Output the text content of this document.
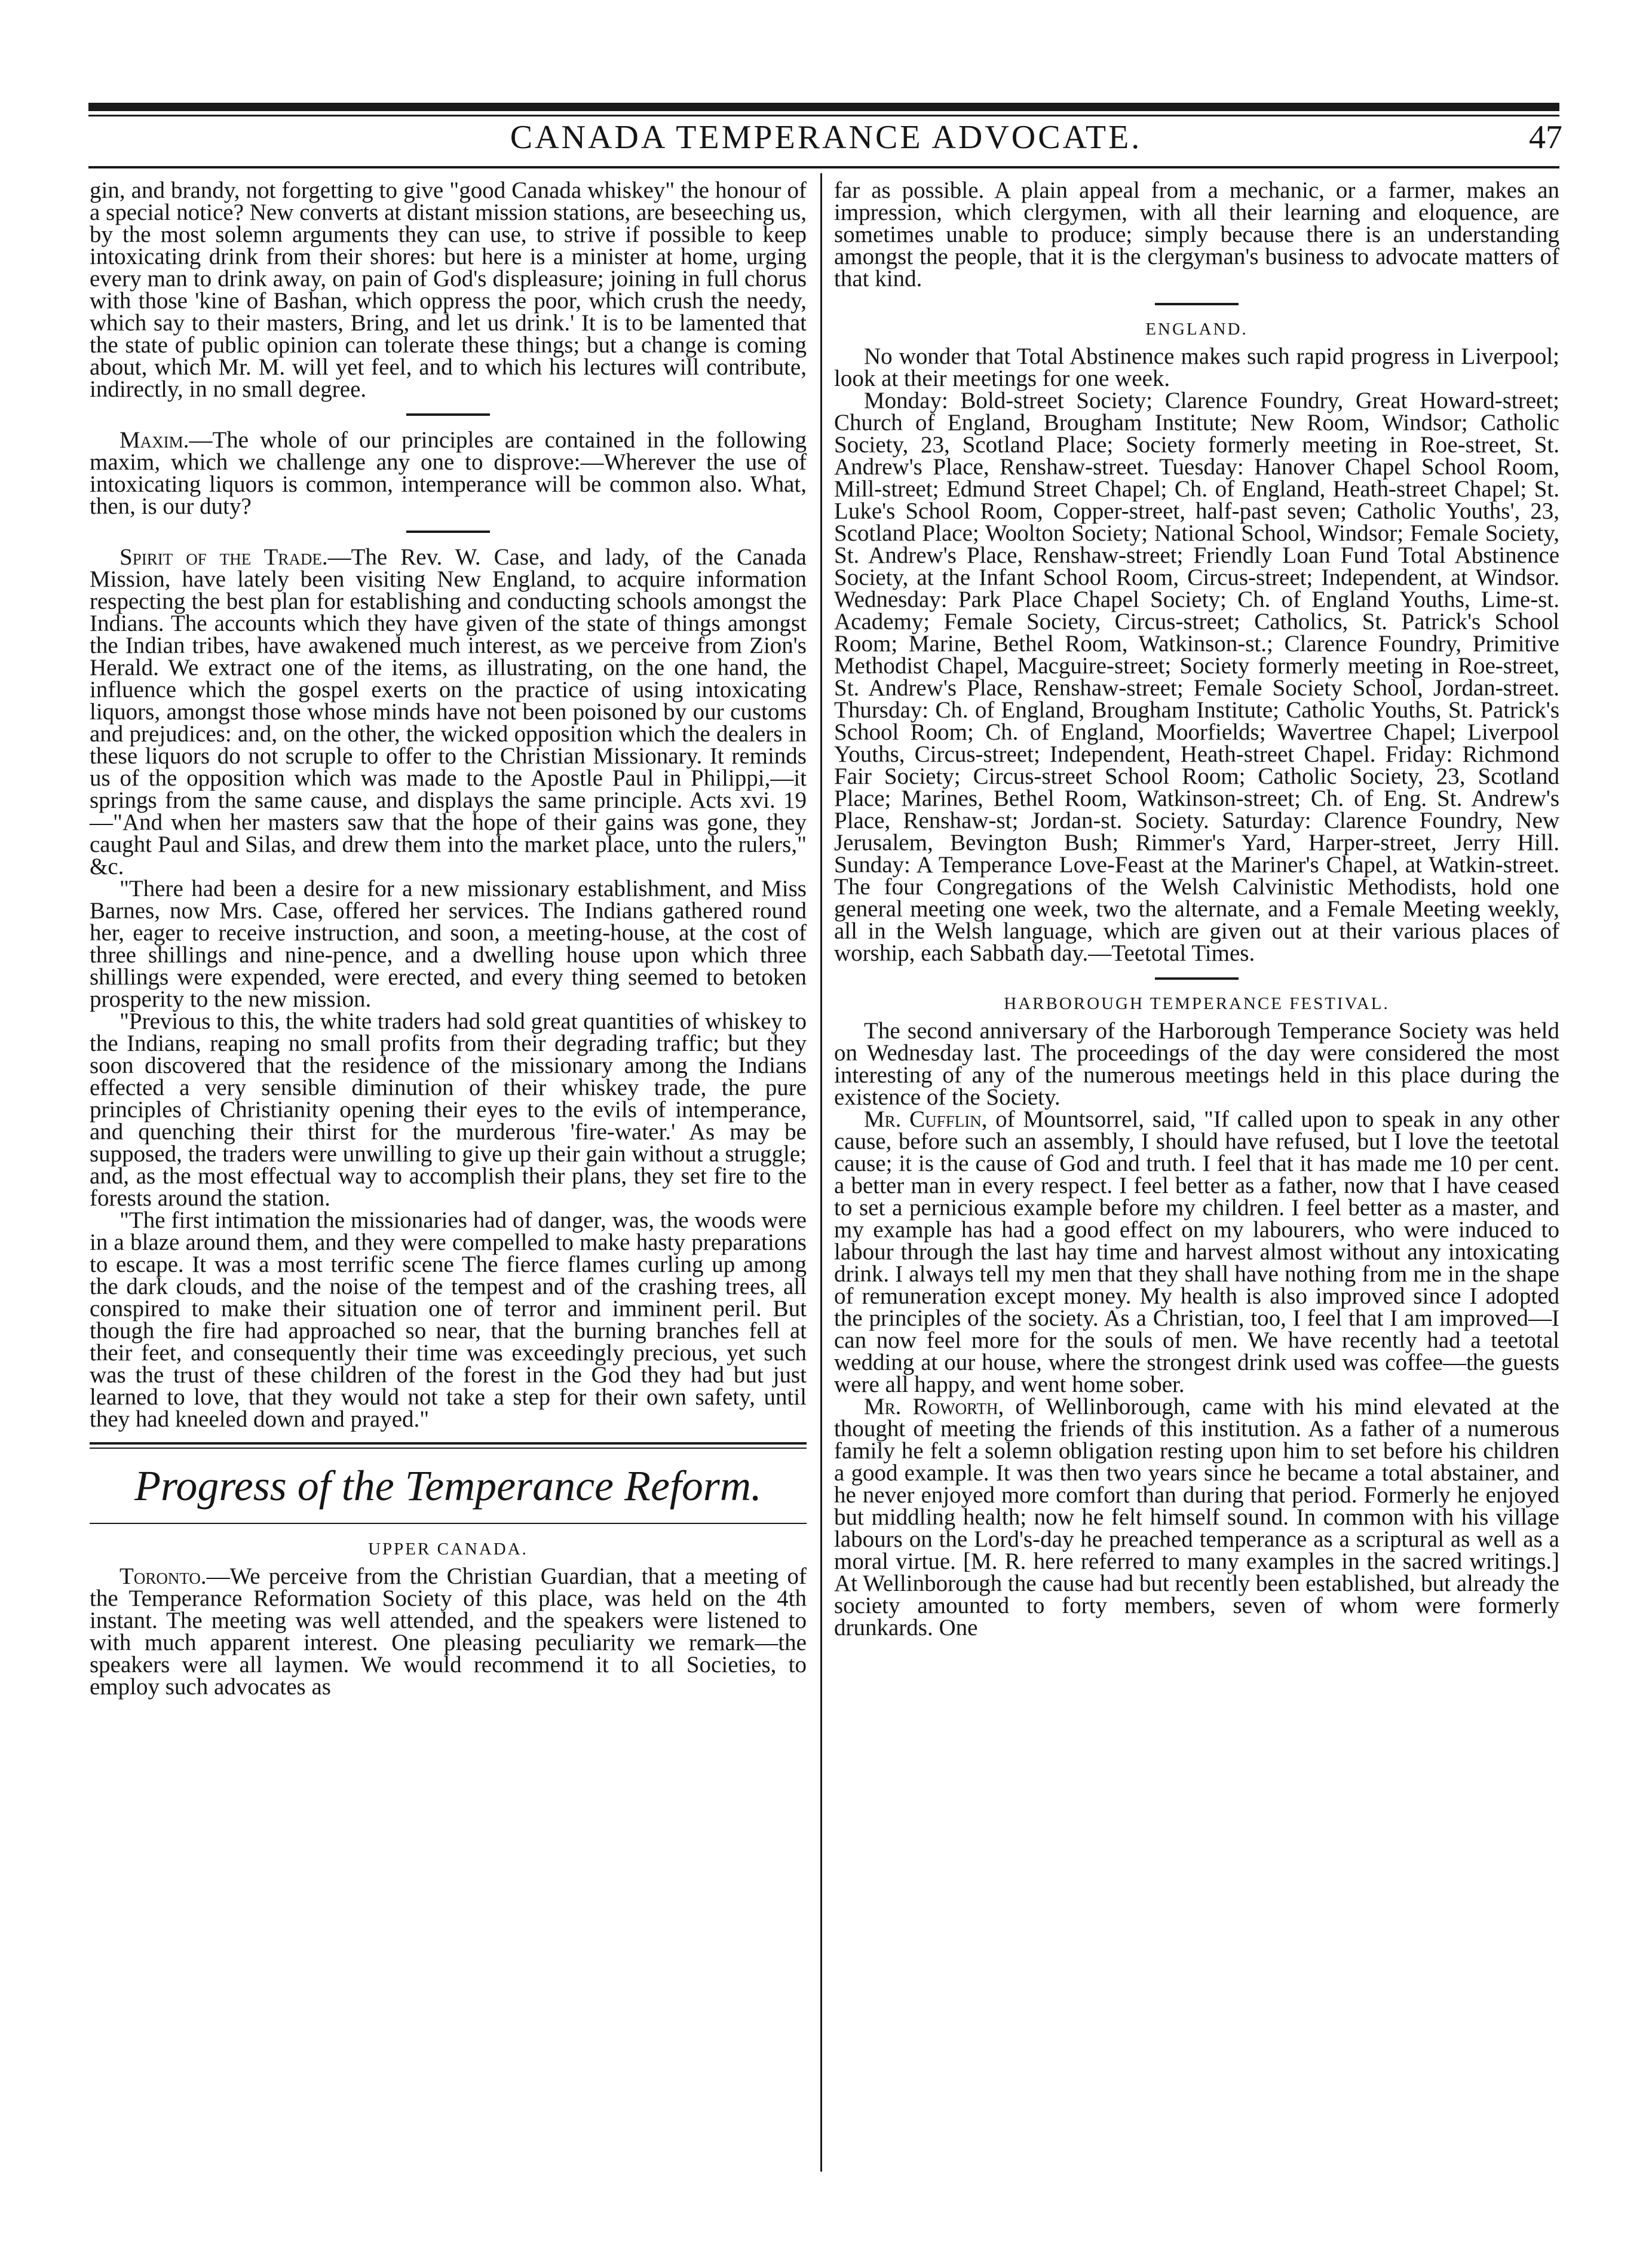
CANADA TEMPERANCE ADVOCATE.	47

gin, and brandy, not forgetting to give "good Canada whiskey" the honour of a special notice? New converts at distant mission stations, are beseeching us, by the most solemn arguments they can use, to strive if possible to keep intoxicating drink from their shores: but here is a minister at home, urging every man to drink away, on pain of God's displeasure; joining in full chorus with those 'kine of Bashan, which oppress the poor, which crush the needy, which say to their masters, Bring, and let us drink.' It is to be lamented that the state of public opinion can tolerate these things; but a change is coming about, which Mr. M. will yet feel, and to which his lectures will contribute, indirectly, in no small degree.

Maxim.—The whole of our principles are contained in the following maxim, which we challenge any one to disprove:—Wherever the use of intoxicating liquors is common, intemperance will be common also. What, then, is our duty?

Spirit of the Trade.—The Rev. W. Case, and lady, of the Canada Mission, have lately been visiting New England, to acquire information respecting the best plan for establishing and conducting schools amongst the Indians. The accounts which they have given of the state of things amongst the Indian tribes, have awakened much interest, as we perceive from Zion's Herald. We extract one of the items, as illustrating, on the one hand, the influence which the gospel exerts on the practice of using intoxicating liquors, amongst those whose minds have not been poisoned by our customs and prejudices: and, on the other, the wicked opposition which the dealers in these liquors do not scruple to offer to the Christian Missionary. It reminds us of the opposition which was made to the Apostle Paul in Philippi,—it springs from the same cause, and displays the same principle. Acts xvi. 19—"And when her masters saw that the hope of their gains was gone, they caught Paul and Silas, and drew them into the market place, unto the rulers," &c.

"There had been a desire for a new missionary establishment, and Miss Barnes, now Mrs. Case, offered her services. The Indians gathered round her, eager to receive instruction, and soon, a meeting-house, at the cost of three shillings and nine-pence, and a dwelling house upon which three shillings were expended, were erected, and every thing seemed to betoken prosperity to the new mission.

"Previous to this, the white traders had sold great quantities of whiskey to the Indians, reaping no small profits from their degrading traffic; but they soon discovered that the residence of the missionary among the Indians effected a very sensible diminution of their whiskey trade, the pure principles of Christianity opening their eyes to the evils of intemperance, and quenching their thirst for the murderous 'fire-water.' As may be supposed, the traders were unwilling to give up their gain without a struggle; and, as the most effectual way to accomplish their plans, they set fire to the forests around the station.

"The first intimation the missionaries had of danger, was, the woods were in a blaze around them, and they were compelled to make hasty preparations to escape. It was a most terrific scene The fierce flames curling up among the dark clouds, and the noise of the tempest and of the crashing trees, all conspired to make their situation one of terror and imminent peril. But though the fire had approached so near, that the burning branches fell at their feet, and consequently their time was exceedingly precious, yet such was the trust of these children of the forest in the God they had but just learned to love, that they would not take a step for their own safety, until they had kneeled down and prayed."

Progress of the Temperance Reform.
UPPER CANADA.

Toronto.—We perceive from the Christian Guardian, that a meeting of the Temperance Reformation Society of this place, was held on the 4th instant. The meeting was well attended, and the speakers were listened to with much apparent interest. One pleasing peculiarity we remark—the speakers were all laymen. We would recommend it to all Societies, to employ such advocates as

far as possible. A plain appeal from a mechanic, or a farmer, makes an impression, which clergymen, with all their learning and eloquence, are sometimes unable to produce; simply because there is an understanding amongst the people, that it is the clergyman's business to advocate matters of that kind.

ENGLAND.

No wonder that Total Abstinence makes such rapid progress in Liverpool; look at their meetings for one week.

Monday: Bold-street Society; Clarence Foundry, Great Howard-street; Church of England, Brougham Institute; New Room, Windsor; Catholic Society, 23, Scotland Place; Society formerly meeting in Roe-street, St. Andrew's Place, Renshaw-street. Tuesday: Hanover Chapel School Room, Mill-street; Edmund Street Chapel; Ch. of England, Heath-street Chapel; St. Luke's School Room, Copper-street, half-past seven; Catholic Youths', 23, Scotland Place; Woolton Society; National School, Windsor; Female Society, St. Andrew's Place, Renshaw-street; Friendly Loan Fund Total Abstinence Society, at the Infant School Room, Circus-street; Independent, at Windsor. Wednesday: Park Place Chapel Society; Ch. of England Youths, Lime-st. Academy; Female Society, Circus-street; Catholics, St. Patrick's School Room; Marine, Bethel Room, Watkinson-st.; Clarence Foundry, Primitive Methodist Chapel, Macguire-street; Society formerly meeting in Roe-street, St. Andrew's Place, Renshaw-street; Female Society School, Jordan-street. Thursday: Ch. of England, Brougham Institute; Catholic Youths, St. Patrick's School Room; Ch. of England, Moorfields; Wavertree Chapel; Liverpool Youths, Circus-street; Independent, Heath-street Chapel. Friday: Richmond Fair Society; Circus-street School Room; Catholic Society, 23, Scotland Place; Marines, Bethel Room, Watkinson-street; Ch. of Eng. St. Andrew's Place, Renshaw-st; Jordan-st. Society. Saturday: Clarence Foundry, New Jerusalem, Bevington Bush; Rimmer's Yard, Harper-street, Jerry Hill. Sunday: A Temperance Love-Feast at the Mariner's Chapel, at Watkin-street. The four Congregations of the Welsh Calvinistic Methodists, hold one general meeting one week, two the alternate, and a Female Meeting weekly, all in the Welsh language, which are given out at their various places of worship, each Sabbath day.—Teetotal Times.

HARBOROUGH TEMPERANCE FESTIVAL.

The second anniversary of the Harborough Temperance Society was held on Wednesday last. The proceedings of the day were considered the most interesting of any of the numerous meetings held in this place during the existence of the Society.

Mr. Cufflin, of Mountsorrel, said, "If called upon to speak in any other cause, before such an assembly, I should have refused, but I love the teetotal cause; it is the cause of God and truth. I feel that it has made me 10 per cent. a better man in every respect. I feel better as a father, now that I have ceased to set a pernicious example before my children. I feel better as a master, and my example has had a good effect on my labourers, who were induced to labour through the last hay time and harvest almost without any intoxicating drink. I always tell my men that they shall have nothing from me in the shape of remuneration except money. My health is also improved since I adopted the principles of the society. As a Christian, too, I feel that I am improved—I can now feel more for the souls of men. We have recently had a teetotal wedding at our house, where the strongest drink used was coffee—the guests were all happy, and went home sober.

Mr. Roworth, of Wellinborough, came with his mind elevated at the thought of meeting the friends of this institution. As a father of a numerous family he felt a solemn obligation resting upon him to set before his children a good example. It was then two years since he became a total abstainer, and he never enjoyed more comfort than during that period. Formerly he enjoyed but middling health; now he felt himself sound. In common with his village labours on the Lord's-day he preached temperance as a scriptural as well as a moral virtue. [M. R. here referred to many examples in the sacred writings.] At Wellinborough the cause had but recently been established, but already the society amounted to forty members, seven of whom were formerly drunkards. One
